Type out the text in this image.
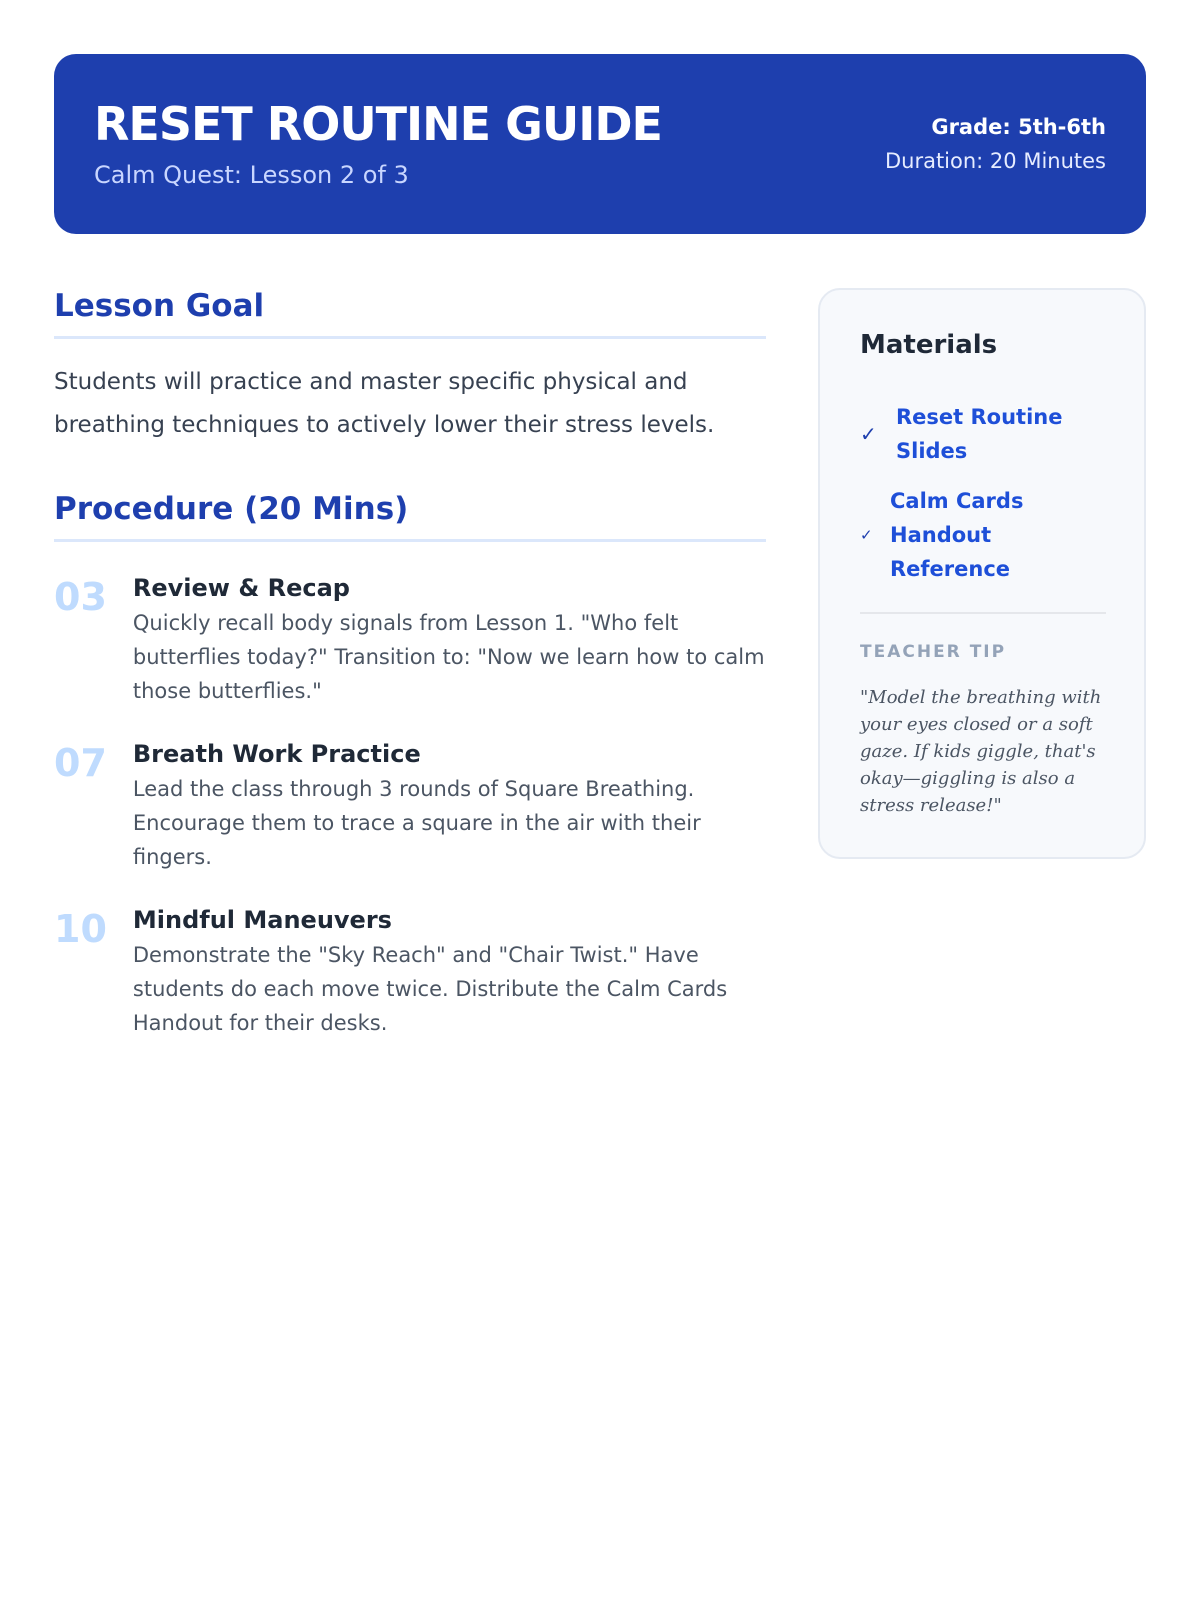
RESET ROUTINE GUIDE
Calm Quest: Lesson 2 of 3
Grade: 5th-6th
Duration: 20 Minutes
Lesson Goal

Students will practice and master specific physical and breathing techniques to actively lower their stress levels.

Procedure (20 Mins)
03 Review & Recap
Quickly recall body signals from Lesson 1. "Who felt butterflies today?" Transition to: "Now we learn how to calm those butterflies."
07 Breath Work Practice
Lead the class through 3 rounds of Square Breathing. Encourage them to trace a square in the air with their fingers.
10 Mindful Maneuvers
Demonstrate the "Sky Reach" and "Chair Twist." Have students do each move twice. Distribute the Calm Cards Handout for their desks.
Materials
✓
Reset Routine Slides
✓
Calm Cards Handout Reference
TEACHER TIP

"Model the breathing with your eyes closed or a soft gaze. If kids giggle, that's okay—giggling is also a stress release!"
